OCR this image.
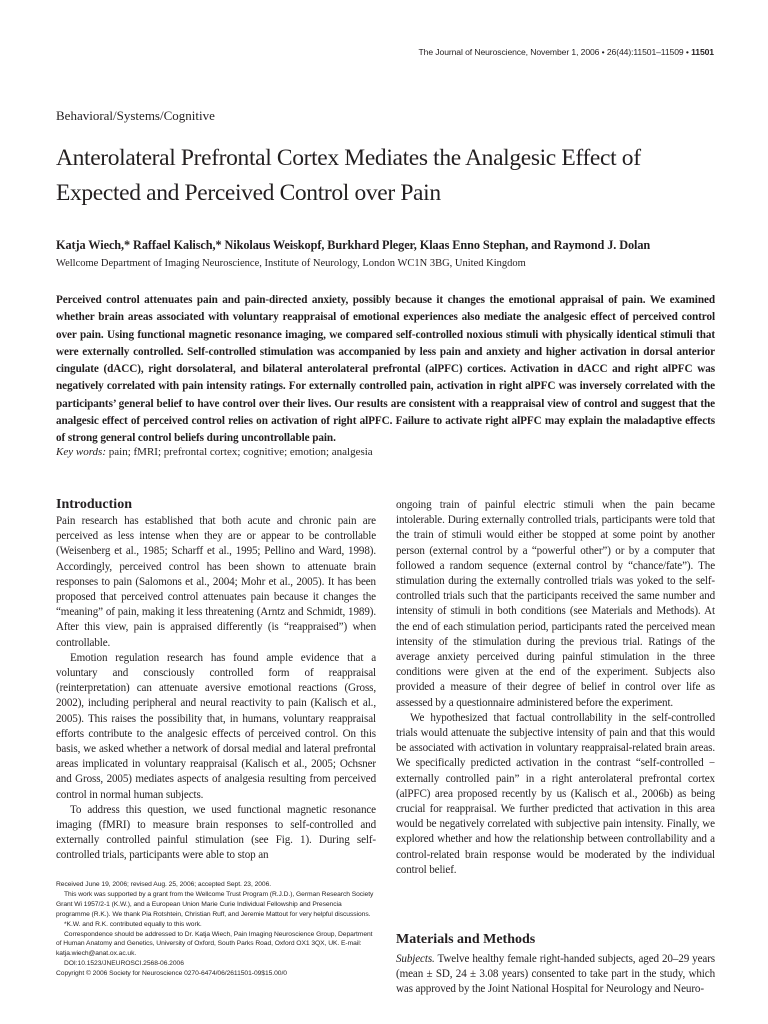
The Journal of Neuroscience, November 1, 2006 • 26(44):11501–11509 • 11501
Behavioral/Systems/Cognitive
Anterolateral Prefrontal Cortex Mediates the Analgesic Effect of Expected and Perceived Control over Pain
Katja Wiech,* Raffael Kalisch,* Nikolaus Weiskopf, Burkhard Pleger, Klaas Enno Stephan, and Raymond J. Dolan
Wellcome Department of Imaging Neuroscience, Institute of Neurology, London WC1N 3BG, United Kingdom
Perceived control attenuates pain and pain-directed anxiety, possibly because it changes the emotional appraisal of pain. We examined whether brain areas associated with voluntary reappraisal of emotional experiences also mediate the analgesic effect of perceived control over pain. Using functional magnetic resonance imaging, we compared self-controlled noxious stimuli with physically identical stimuli that were externally controlled. Self-controlled stimulation was accompanied by less pain and anxiety and higher activation in dorsal anterior cingulate (dACC), right dorsolateral, and bilateral anterolateral prefrontal (alPFC) cortices. Activation in dACC and right alPFC was negatively correlated with pain intensity ratings. For externally controlled pain, activation in right alPFC was inversely correlated with the participants’ general belief to have control over their lives. Our results are consistent with a reappraisal view of control and suggest that the analgesic effect of perceived control relies on activation of right alPFC. Failure to activate right alPFC may explain the maladaptive effects of strong general control beliefs during uncontrollable pain.
Key words: pain; fMRI; prefrontal cortex; cognitive; emotion; analgesia
Introduction

Pain research has established that both acute and chronic pain are perceived as less intense when they are or appear to be controllable (Weisenberg et al., 1985; Scharff et al., 1995; Pellino and Ward, 1998). Accordingly, perceived control has been shown to attenuate brain responses to pain (Salomons et al., 2004; Mohr et al., 2005). It has been proposed that perceived control attenuates pain because it changes the “meaning” of pain, making it less threatening (Arntz and Schmidt, 1989). After this view, pain is appraised differently (is “reappraised”) when controllable.

Emotion regulation research has found ample evidence that a voluntary and consciously controlled form of reappraisal (reinterpretation) can attenuate aversive emotional reactions (Gross, 2002), including peripheral and neural reactivity to pain (Kalisch et al., 2005). This raises the possibility that, in humans, voluntary reappraisal efforts contribute to the analgesic effects of perceived control. On this basis, we asked whether a network of dorsal medial and lateral prefrontal areas implicated in voluntary reappraisal (Kalisch et al., 2005; Ochsner and Gross, 2005) mediates aspects of analgesia resulting from perceived control in normal human subjects.

To address this question, we used functional magnetic resonance imaging (fMRI) to measure brain responses to self-controlled and externally controlled painful stimulation (see Fig. 1). During self-controlled trials, participants were able to stop an

Received June 19, 2006; revised Aug. 25, 2006; accepted Sept. 23, 2006.

This work was supported by a grant from the Wellcome Trust Program (R.J.D.), German Research Society Grant Wi 1957/2-1 (K.W.), and a European Union Marie Curie Individual Fellowship and Presencia programme (R.K.). We thank Pia Rotshtein, Christian Ruff, and Jeremie Mattout for very helpful discussions.

*K.W. and R.K. contributed equally to this work.

Correspondence should be addressed to Dr. Katja Wiech, Pain Imaging Neuroscience Group, Department of Human Anatomy and Genetics, University of Oxford, South Parks Road, Oxford OX1 3QX, UK. E-mail: katja.wiech@anat.ox.ac.uk.

DOI:10.1523/JNEUROSCI.2568-06.2006

Copyright © 2006 Society for Neuroscience 0270-6474/06/2611501-09$15.00/0

ongoing train of painful electric stimuli when the pain became intolerable. During externally controlled trials, participants were told that the train of stimuli would either be stopped at some point by another person (external control by a “powerful other”) or by a computer that followed a random sequence (external control by “chance/fate”). The stimulation during the externally controlled trials was yoked to the self-controlled trials such that the participants received the same number and intensity of stimuli in both conditions (see Materials and Methods). At the end of each stimulation period, participants rated the perceived mean intensity of the stimulation during the previous trial. Ratings of the average anxiety perceived during painful stimulation in the three conditions were given at the end of the experiment. Subjects also provided a measure of their degree of belief in control over life as assessed by a questionnaire administered before the experiment.

We hypothesized that factual controllability in the self-controlled trials would attenuate the subjective intensity of pain and that this would be associated with activation in voluntary reappraisal-related brain areas. We specifically predicted activation in the contrast “self-controlled − externally controlled pain” in a right anterolateral prefrontal cortex (alPFC) area proposed recently by us (Kalisch et al., 2006b) as being crucial for reappraisal. We further predicted that activation in this area would be negatively correlated with subjective pain intensity. Finally, we explored whether and how the relationship between controllability and a control-related brain response would be moderated by the individual control belief.

Materials and Methods
Subjects. Twelve healthy female right-handed subjects, aged 20–29 years (mean ± SD, 24 ± 3.08 years) consented to take part in the study, which was approved by the Joint National Hospital for Neurology and Neuro-
